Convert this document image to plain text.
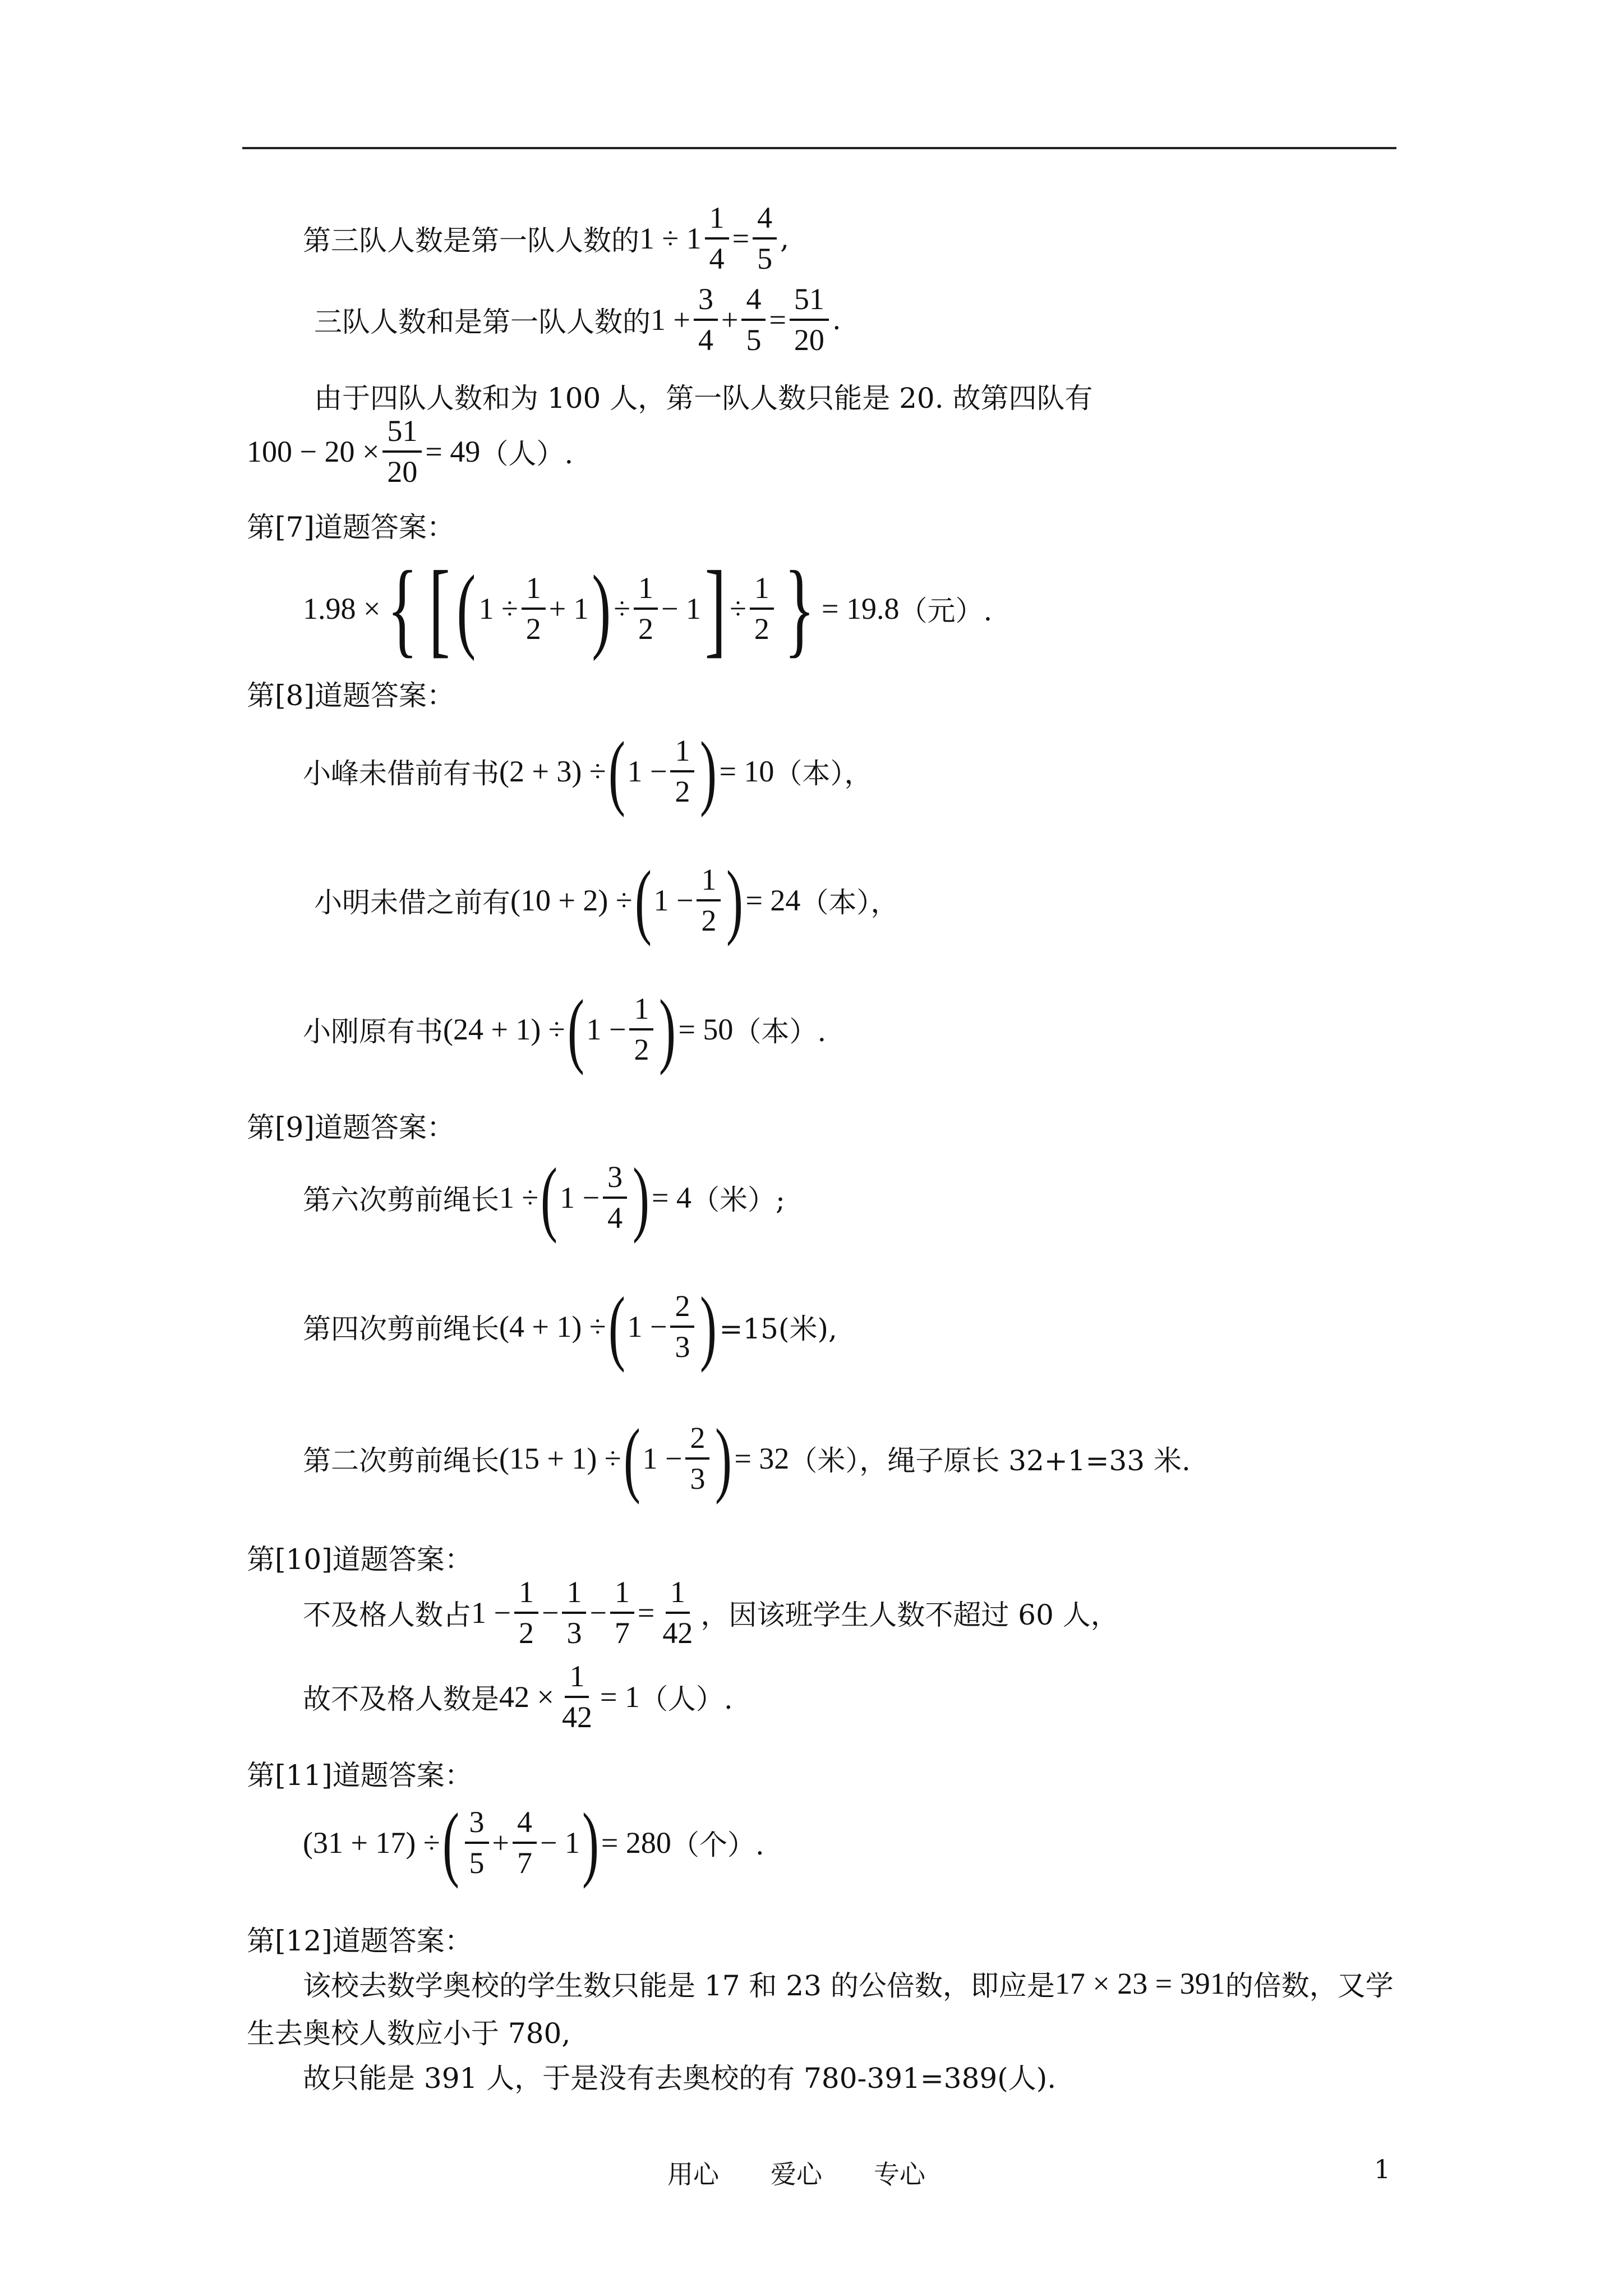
第三队人数是第一队人数的 $1 \div 1 \frac{1}{4} = \frac{4}{5}$ ,
三队人数和是第一队人数的 $1 + \frac{3}{4} + \frac{4}{5} = \frac{51}{20}$ .
由于四队人数和为 100 人，第一队人数只能是 20. 故第四队有
$100 - 20 \times \frac{51}{20} = 49$ （人）.
第[7]道题答案：
1.98 × { [ ( $1 \div \frac{1}{2} + 1$ ) ÷ $\frac{1}{2} - 1$ ] ÷ $\frac{1}{2}$ } = 19.8 （元）.
第[8]道题答案：
小峰未借前有书 (2 + 3) ÷ ( $1 - \frac{1}{2}$ ) = 10 （本），
小明未借之前有 (10 + 2) ÷ ( $1 - \frac{1}{2}$ ) = 24 （本），
小刚原有书 (24 + 1) ÷ ( $1 - \frac{1}{2}$ ) = 50 （本）.
第[9]道题答案：
第六次剪前绳长 1 ÷ ( $1 - \frac{3}{4}$ ) = 4 （米）;
第四次剪前绳长 (4 + 1) ÷ ( $1 - \frac{2}{3}$ ) =15(米),
第二次剪前绳长 (15 + 1) ÷ ( $1 - \frac{2}{3}$ ) = 32 （米），绳子原长 32+1=33 米.
第[10]道题答案：
不及格人数占 $1 - \frac{1}{2} - \frac{1}{3} - \frac{1}{7} = \frac{1}{42}$ ，因该班学生人数不超过 60 人，
故不及格人数是 $42 \times \frac{1}{42} = 1$ （人）.
第[11]道题答案：
(31 + 17) ÷ ( $\frac{3}{5} + \frac{4}{7} - 1$ ) = 280 （个）.
第[12]道题答案：
该校去数学奥校的学生数只能是 17 和 23 的公倍数，即应是 17 × 23 = 391 的倍数，又学
生去奥校人数应小于 780,
故只能是 391 人，于是没有去奥校的有 780-391=389(人).
用心　　爱心　　专心	1
